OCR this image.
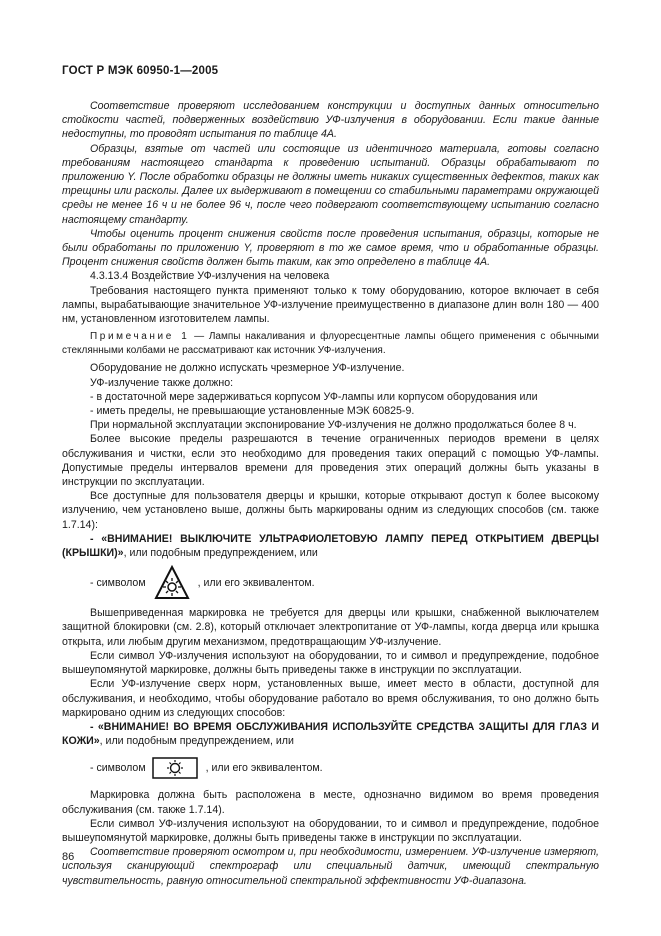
ГОСТ Р МЭК 60950-1—2005

Соответствие проверяют исследованием конструкции и доступных данных относительно стойкости частей, подверженных воздействию УФ-излучения в оборудовании. Если такие данные недоступны, то проводят испытания по таблице 4А.

Образцы, взятые от частей или состоящие из идентичного материала, готовы согласно требованиям настоящего стандарта к проведению испытаний. Образцы обрабатывают по приложению Y. После обработки образцы не должны иметь никаких существенных дефектов, таких как трещины или расколы. Далее их выдерживают в помещении со стабильными параметрами окружающей среды не менее 16 ч и не более 96 ч, после чего подвергают соответствующему испытанию согласно настоящему стандарту.

Чтобы оценить процент снижения свойств после проведения испытания, образцы, которые не были обработаны по приложению Y, проверяют в то же самое время, что и обработанные образцы. Процент снижения свойств должен быть таким, как это определено в таблице 4А.

4.3.13.4 Воздействие УФ-излучения на человека

Требования настоящего пункта применяют только к тому оборудованию, которое включает в себя лампы, вырабатывающие значительное УФ-излучение преимущественно в диапазоне длин волн 180 — 400 нм, установленном изготовителем лампы.

Примечание 1 — Лампы накаливания и флуоресцентные лампы общего применения с обычными стеклянными колбами не рассматривают как источник УФ-излучения.

Оборудование не должно испускать чрезмерное УФ-излучение.

УФ-излучение также должно:

- в достаточной мере задерживаться корпусом УФ-лампы или корпусом оборудования или

- иметь пределы, не превышающие установленные МЭК 60825-9.

При нормальной эксплуатации экспонирование УФ-излучения не должно продолжаться более 8 ч.

Более высокие пределы разрешаются в течение ограниченных периодов времени в целях обслуживания и чистки, если это необходимо для проведения таких операций с помощью УФ-лампы. Допустимые пределы интервалов времени для проведения этих операций должны быть указаны в инструкции по эксплуатации.

Все доступные для пользователя дверцы и крышки, которые открывают доступ к более высокому излучению, чем установлено выше, должны быть маркированы одним из следующих способов (см. также 1.7.14):

- «ВНИМАНИЕ! ВЫКЛЮЧИТЕ УЛЬТРАФИОЛЕТОВУЮ ЛАМПУ ПЕРЕД ОТКРЫТИЕМ ДВЕРЦЫ (КРЫШКИ)», или подобным предупреждением, или

- символом	, или его эквивалентом.

Вышеприведенная маркировка не требуется для дверцы или крышки, снабженной выключателем защитной блокировки (см. 2.8), который отключает электропитание от УФ-лампы, когда дверца или крышка открыта, или любым другим механизмом, предотвращающим УФ-излучение.

Если символ УФ-излучения используют на оборудовании, то и символ и предупреждение, подобное вышеупомянутой маркировке, должны быть приведены также в инструкции по эксплуатации.

Если УФ-излучение сверх норм, установленных выше, имеет место в области, доступной для обслуживания, и необходимо, чтобы оборудование работало во время обслуживания, то оно должно быть маркировано одним из следующих способов:

- «ВНИМАНИЕ! ВО ВРЕМЯ ОБСЛУЖИВАНИЯ ИСПОЛЬЗУЙТЕ СРЕДСТВА ЗАЩИТЫ ДЛЯ ГЛАЗ И КОЖИ», или подобным предупреждением, или

- символом	, или его эквивалентом.

Маркировка должна быть расположена в месте, однозначно видимом во время проведения обслуживания (см. также 1.7.14).

Если символ УФ-излучения используют на оборудовании, то и символ и предупреждение, подобное вышеупомянутой маркировке, должны быть приведены также в инструкции по эксплуатации.

Соответствие проверяют осмотром и, при необходимости, измерением. УФ-излучение измеряют, используя сканирующий спектрограф или специальный датчик, имеющий спектральную чувствительность, равную относительной спектральной эффективности УФ-диапазона.

86
